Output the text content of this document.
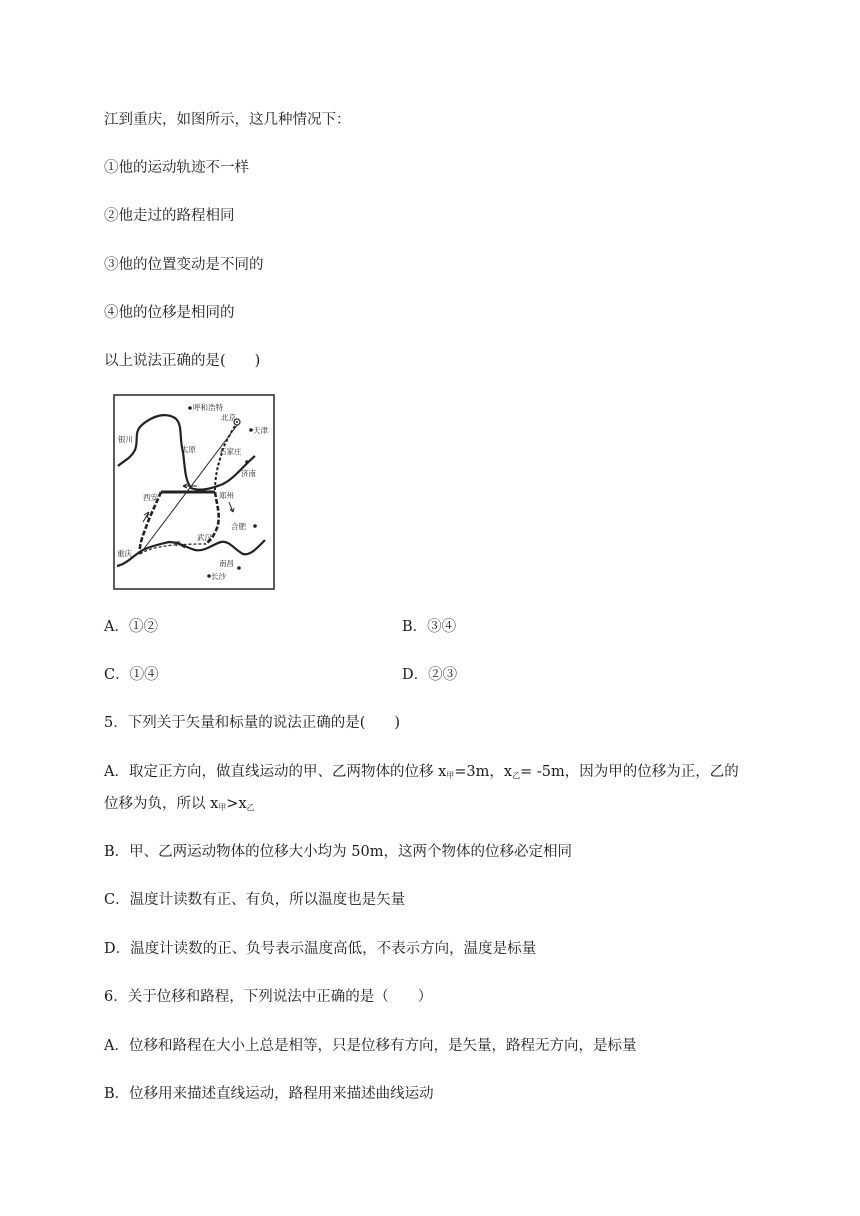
江到重庆，如图所示，这几种情况下：
①他的运动轨迹不一样
②他走过的路程相同
③他的位置变动是不同的
④他的位移是相同的
以上说法正确的是(　　)
呼和浩特
北京
银川
天津
太原	石家庄
济南
西安	郑州
合肥
武汉
重庆
南昌
长沙
A．①②	B．③④
C．①④	D．②③
5．下列关于矢量和标量的说法正确的是(　　)
A．取定正方向，做直线运动的甲、乙两物体的位移 $x_甲=3m$，$x_乙= -5m$，因为甲的位移为正，乙的
位移为负，所以 $x_甲>x_乙$
B．甲、乙两运动物体的位移大小均为 50m，这两个物体的位移必定相同
C．温度计读数有正、有负，所以温度也是矢量
D．温度计读数的正、负号表示温度高低，不表示方向，温度是标量
6．关于位移和路程，下列说法中正确的是（　　）
A．位移和路程在大小上总是相等，只是位移有方向，是矢量，路程无方向，是标量
B．位移用来描述直线运动，路程用来描述曲线运动
